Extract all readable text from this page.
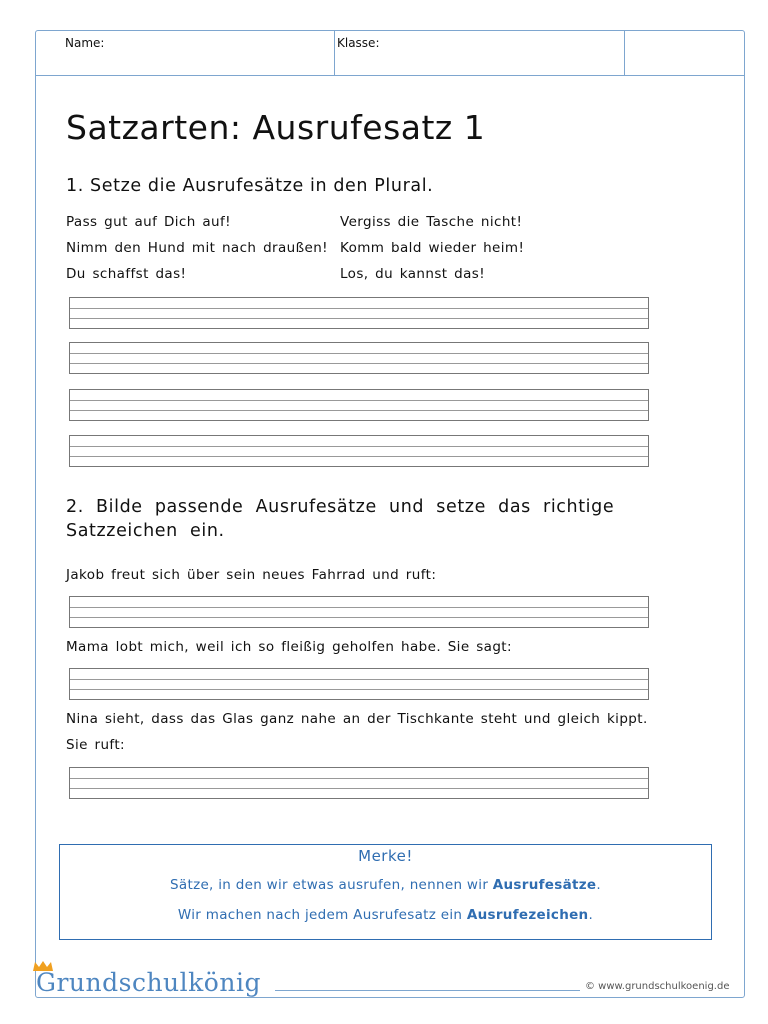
Name:	Klasse:
Satzarten: Ausrufesatz 1
1. Setze die Ausrufesätze in den Plural.
Pass gut auf Dich auf!
Nimm den Hund mit nach draußen!
Du schaffst das!
Vergiss die Tasche nicht!
Komm bald wieder heim!
Los, du kannst das!
2. Bilde passende Ausrufesätze und setze das richtige Satzzeichen ein.
Jakob freut sich über sein neues Fahrrad und ruft:
Mama lobt mich, weil ich so fleißig geholfen habe. Sie sagt:
Nina sieht, dass das Glas ganz nahe an der Tischkante steht und gleich kippt.
Sie ruft:
Merke!
Sätze, in den wir etwas ausrufen, nennen wir Ausrufesätze.
Wir machen nach jedem Ausrufesatz ein Ausrufezeichen.
Grundschulkönig	© www.grundschulkoenig.de
